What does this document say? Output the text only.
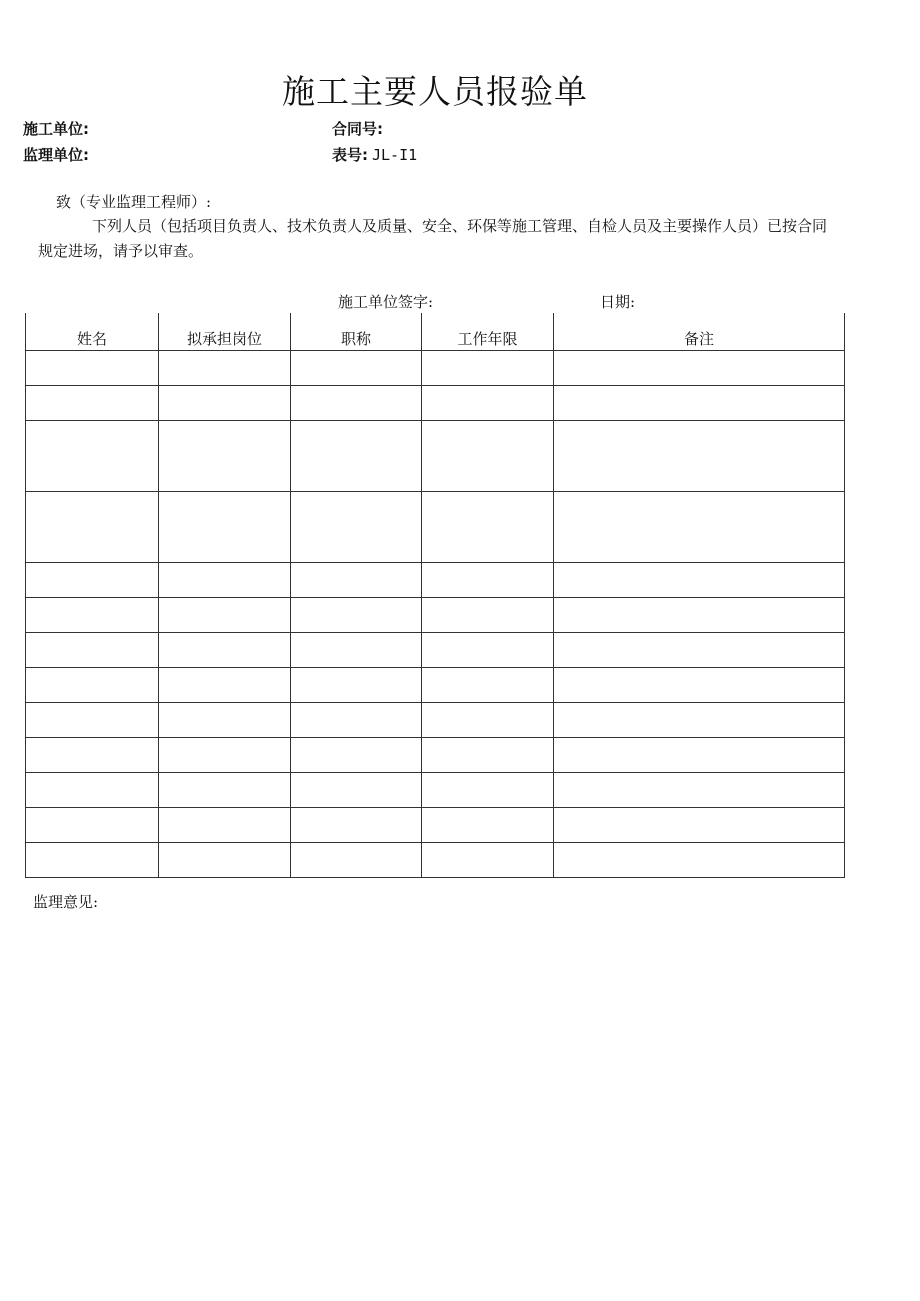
施工主要人员报验单
施工单位:	合同号:
监理单位:	表号: JL-I1
致（专业监理工程师）:
下列人员（包括项目负责人、技术负责人及质量、安全、环保等施工管理、自检人员及主要操作人员）已按合同规定进场，请予以审查。
施工单位签字:	日期:
姓名	拟承担岗位	职称	工作年限	备注

监理意见:
